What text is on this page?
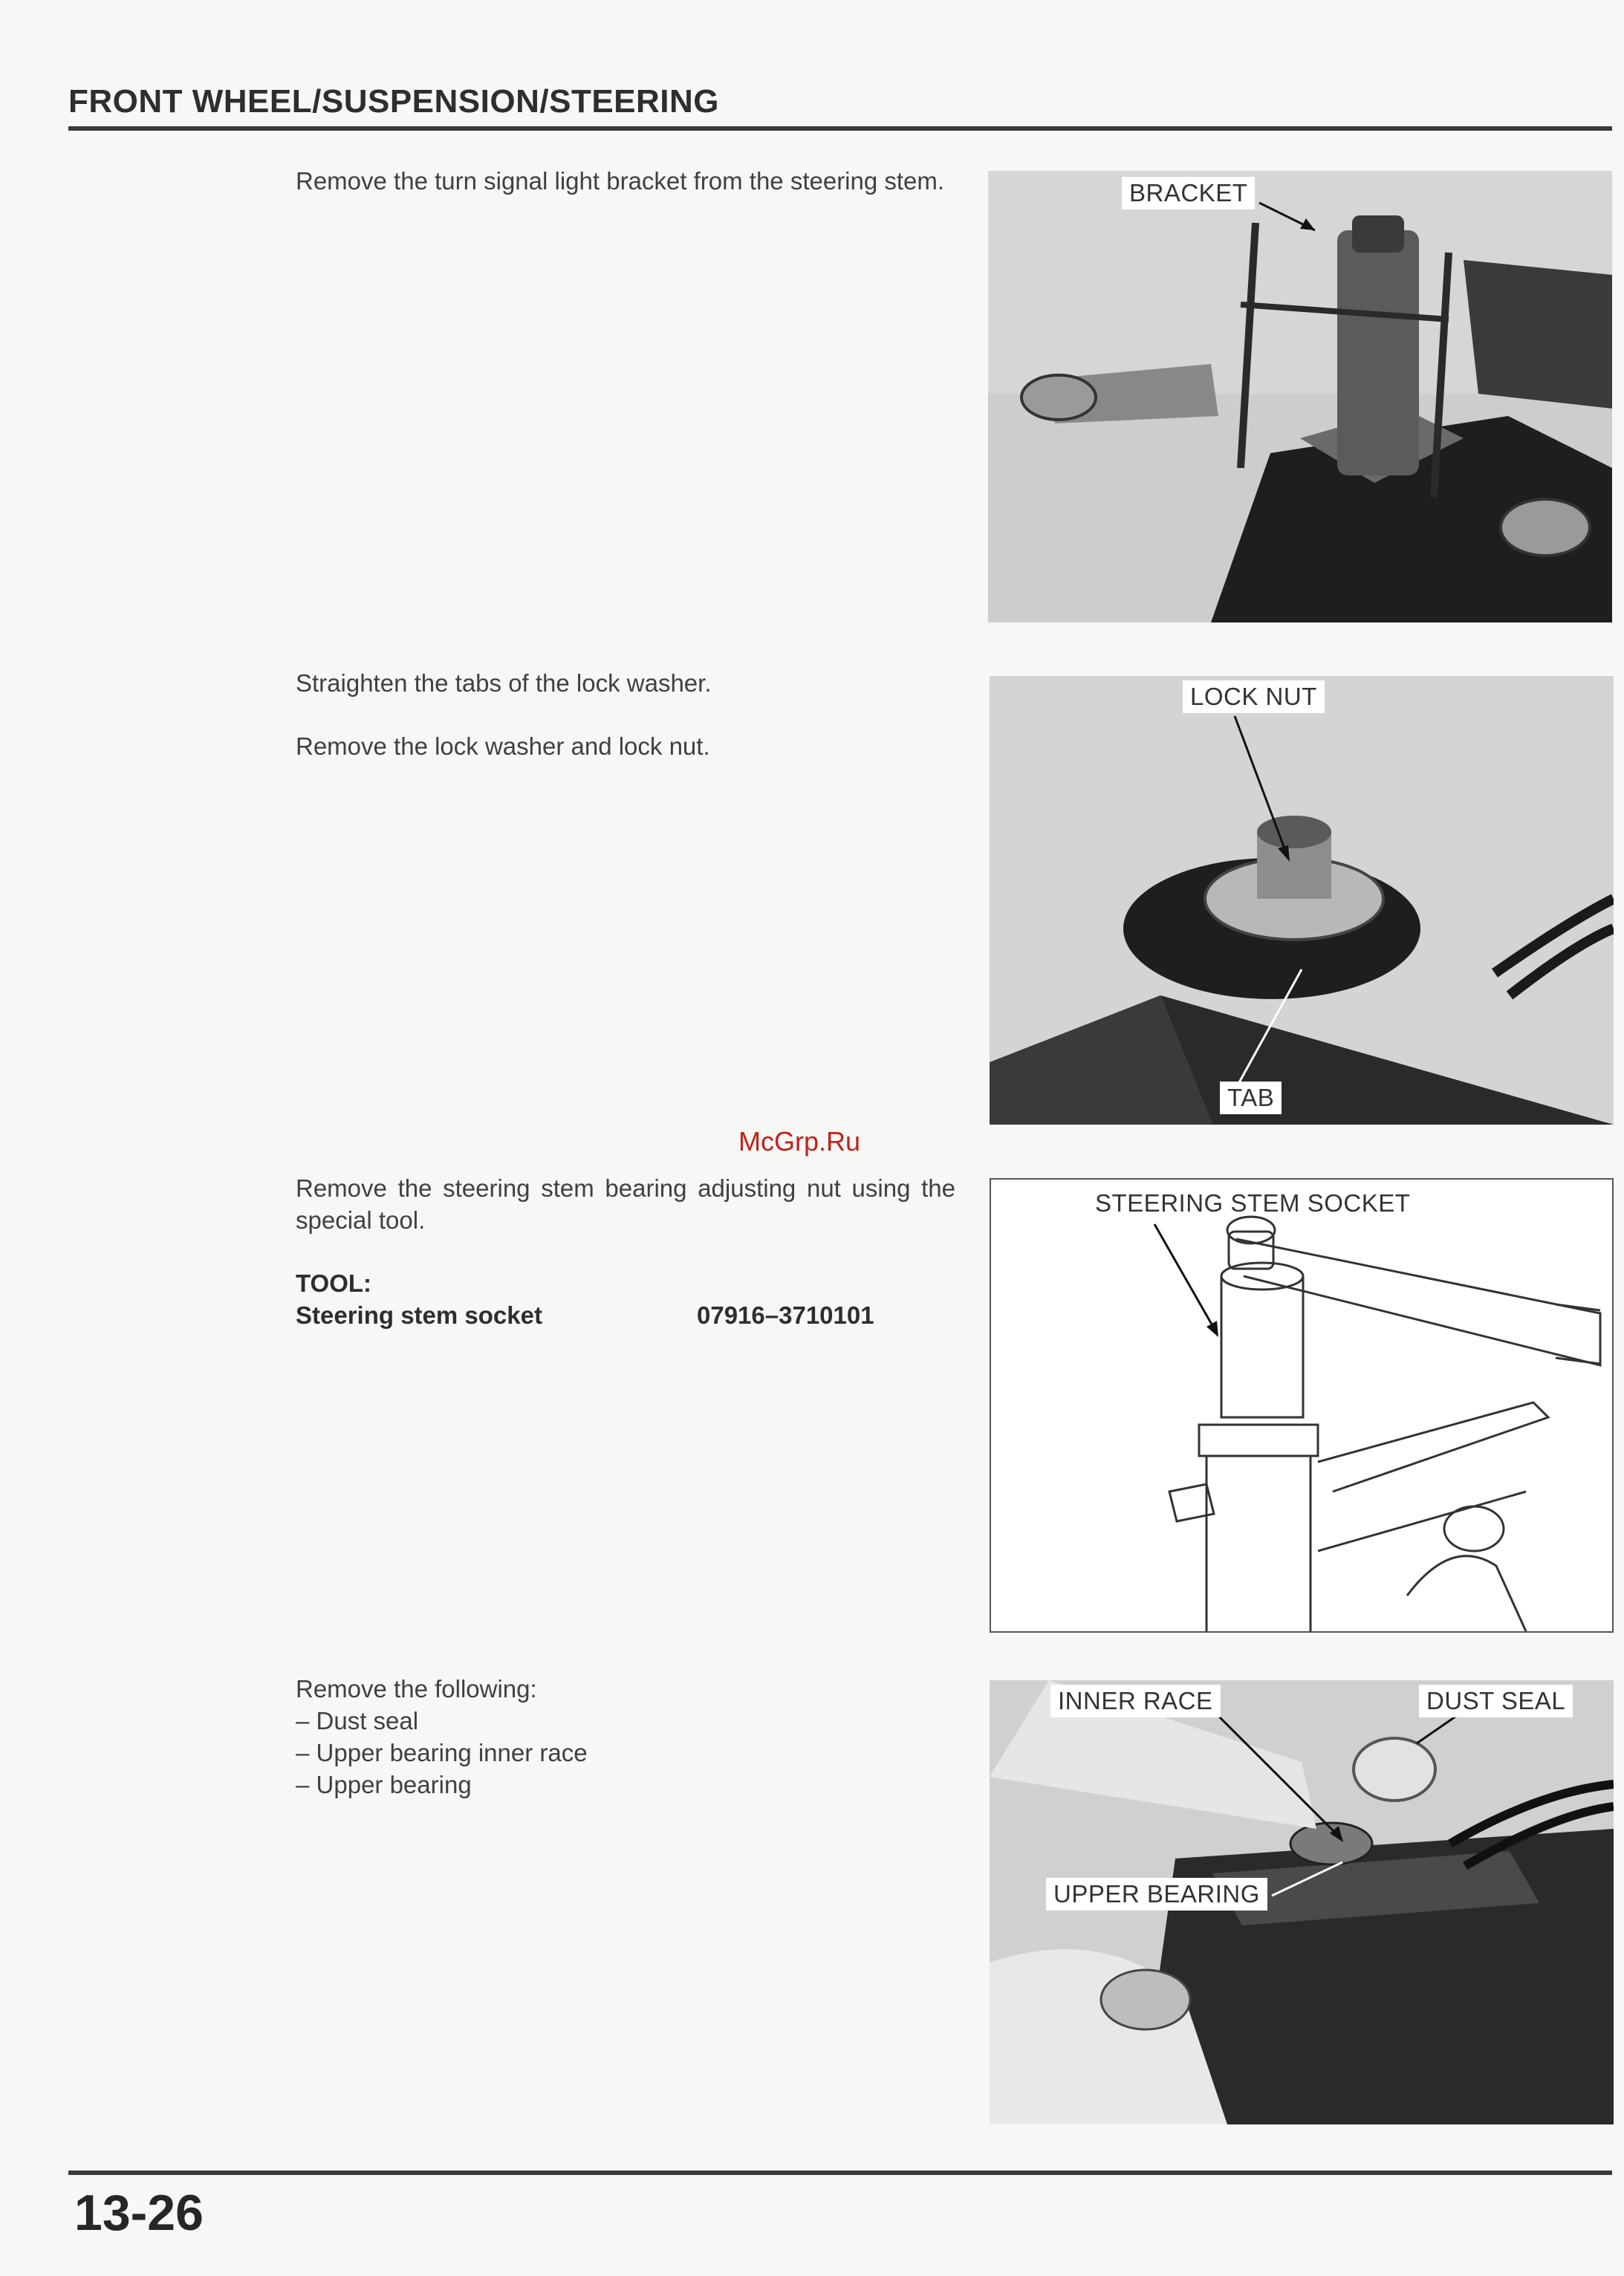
FRONT WHEEL/SUSPENSION/STEERING

Remove the turn signal light bracket from the steering stem.	BRACKET

Straighten the tabs of the lock washer.

Remove the lock washer and lock nut.

LOCK NUT
TAB
McGrp.Ru

Remove the steering stem bearing adjusting nut using the special tool.

TOOL:

Steering stem socket	07916–3710101
STEERING STEM SOCKET

Remove the following:

– Dust seal
– Upper bearing inner race
– Upper bearing
INNER RACE	DUST SEAL
UPPER BEARING
13-26
